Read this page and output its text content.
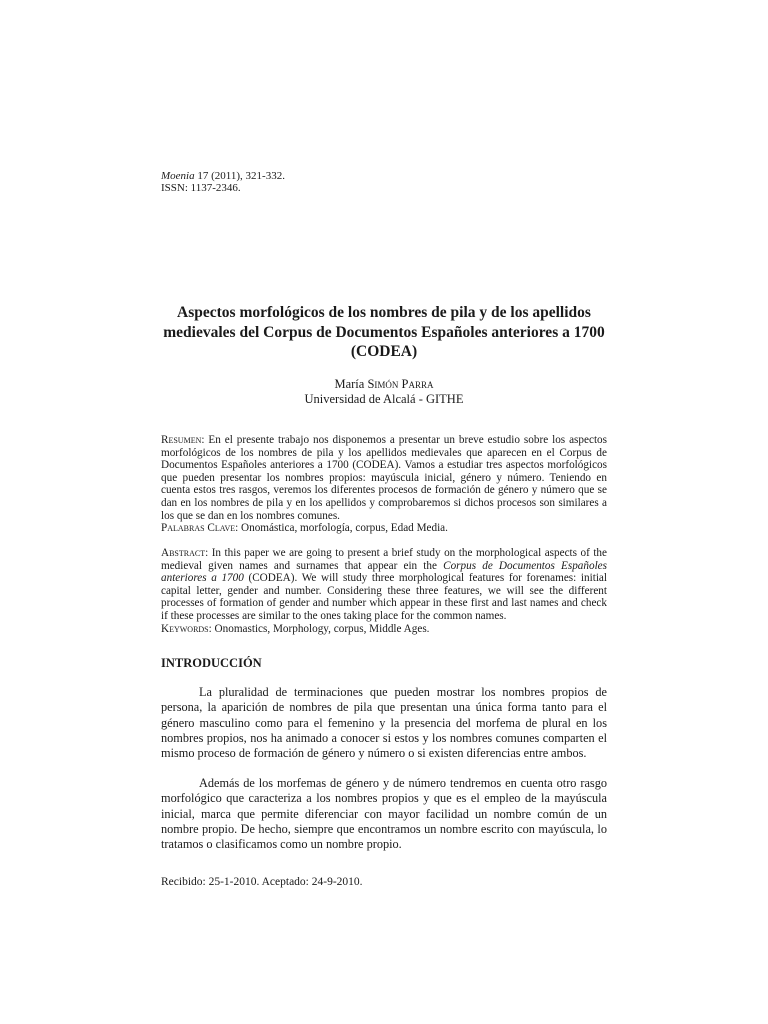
Moenia 17 (2011), 321-332.
ISSN: 1137-2346.
Aspectos morfológicos de los nombres de pila y de los apellidos medievales del Corpus de Documentos Españoles anteriores a 1700 (CODEA)
María Simón Parra
Universidad de Alcalá - GITHE

Resumen: En el presente trabajo nos disponemos a presentar un breve estudio sobre los aspectos morfológicos de los nombres de pila y los apellidos medievales que aparecen en el Corpus de Documentos Españoles anteriores a 1700 (CODEA). Vamos a estudiar tres aspectos morfológicos que pueden presentar los nombres propios: mayúscula inicial, género y número. Teniendo en cuenta estos tres rasgos, veremos los diferentes procesos de formación de género y número que se dan en los nombres de pila y en los apellidos y comprobaremos si dichos procesos son similares a los que se dan en los nombres comunes.

Palabras Clave: Onomástica, morfología, corpus, Edad Media.

Abstract: In this paper we are going to present a brief study on the morphological aspects of the medieval given names and surnames that appear ein the Corpus de Documentos Españoles anteriores a 1700 (CODEA). We will study three morphological features for forenames: initial capital letter, gender and number. Considering these three features, we will see the different processes of formation of gender and number which appear in these first and last names and check if these processes are similar to the ones taking place for the common names.

Keywords: Onomastics, Morphology, corpus, Middle Ages.

INTRODUCCIÓN

La pluralidad de terminaciones que pueden mostrar los nombres propios de persona, la aparición de nombres de pila que presentan una única forma tanto para el género masculino como para el femenino y la presencia del morfema de plural en los nombres propios, nos ha animado a conocer si estos y los nombres comunes comparten el mismo proceso de formación de género y número o si existen diferencias entre ambos.

Además de los morfemas de género y de número tendremos en cuenta otro rasgo morfológico que caracteriza a los nombres propios y que es el empleo de la mayúscula inicial, marca que permite diferenciar con mayor facilidad un nombre común de un nombre propio. De hecho, siempre que encontramos un nombre escrito con mayúscula, lo tratamos o clasificamos como un nombre propio.

Recibido: 25-1-2010. Aceptado: 24-9-2010.
